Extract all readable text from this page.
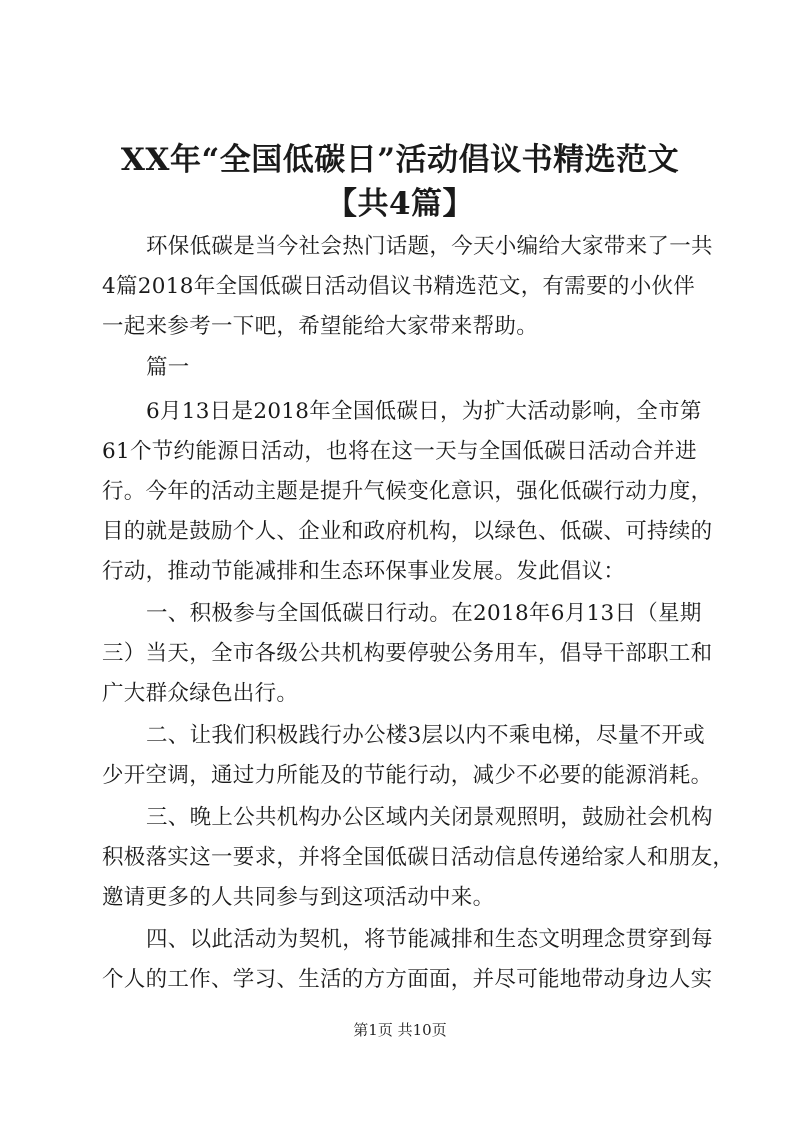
XX年“全国低碳日”活动倡议书精选范文
【共4篇】
环保低碳是当今社会热门话题，今天小编给大家带来了一共
4篇2018年全国低碳日活动倡议书精选范文，有需要的小伙伴
一起来参考一下吧，希望能给大家带来帮助。
篇一
6月13日是2018年全国低碳日，为扩大活动影响，全市第
61个节约能源日活动，也将在这一天与全国低碳日活动合并进
行。今年的活动主题是提升气候变化意识，强化低碳行动力度，
目的就是鼓励个人、企业和政府机构，以绿色、低碳、可持续的
行动，推动节能减排和生态环保事业发展。发此倡议：
一、积极参与全国低碳日行动。在2018年6月13日（星期
三）当天，全市各级公共机构要停驶公务用车，倡导干部职工和
广大群众绿色出行。
二、让我们积极践行办公楼3层以内不乘电梯，尽量不开或
少开空调，通过力所能及的节能行动，减少不必要的能源消耗。
三、晚上公共机构办公区域内关闭景观照明，鼓励社会机构
积极落实这一要求，并将全国低碳日活动信息传递给家人和朋友，
邀请更多的人共同参与到这项活动中来。
四、以此活动为契机，将节能减排和生态文明理念贯穿到每
个人的工作、学习、生活的方方面面，并尽可能地带动身边人实
第1页 共10页
